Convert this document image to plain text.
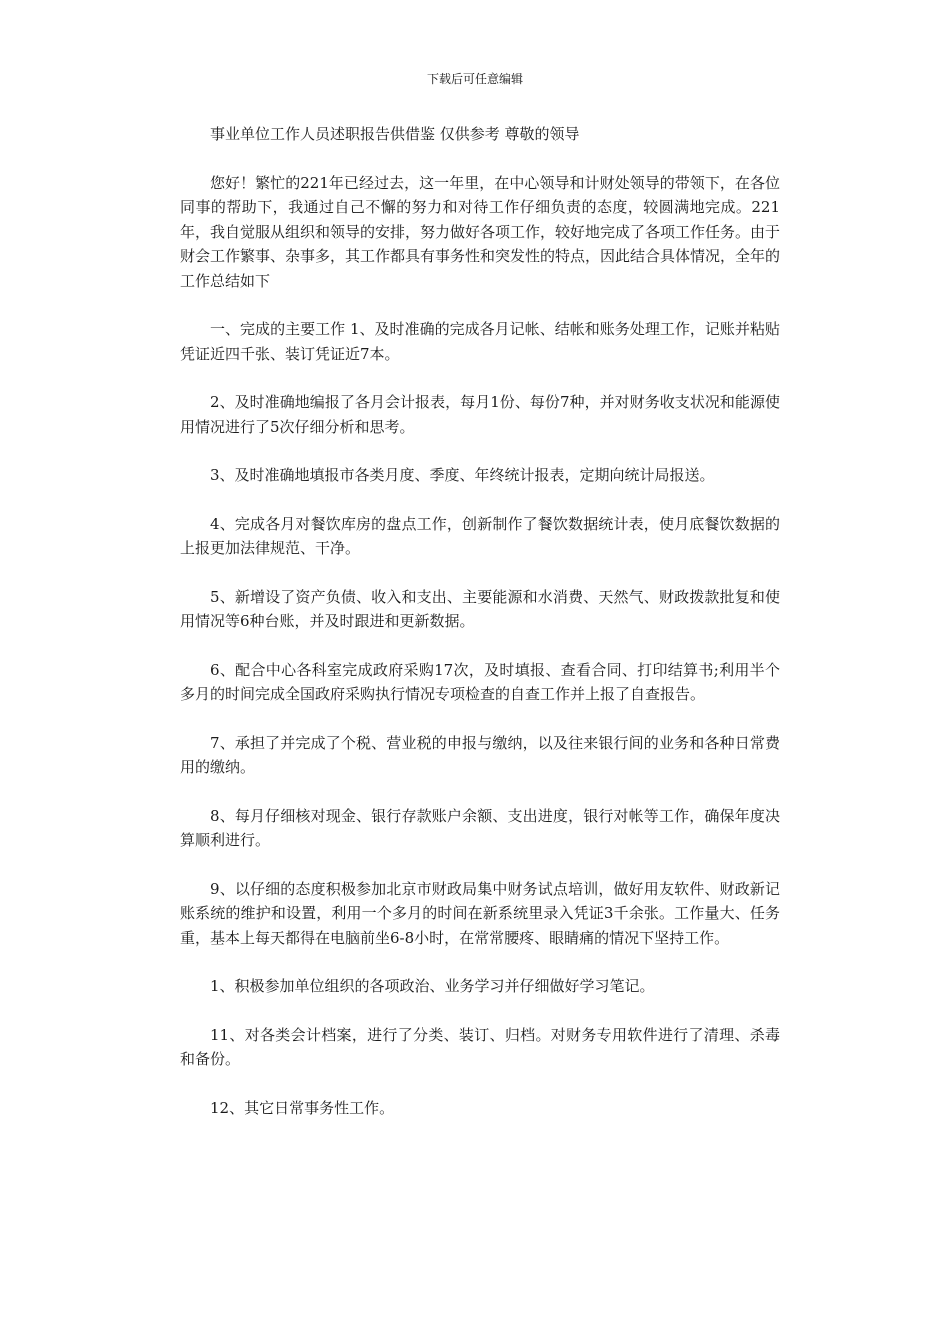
下载后可任意编辑

事业单位工作人员述职报告供借鉴 仅供参考 尊敬的领导

您好！繁忙的221年已经过去，这一年里，在中心领导和计财处领导的带领下，在各位同事的帮助下，我通过自己不懈的努力和对待工作仔细负责的态度，较圆满地完成。221年，我自觉服从组织和领导的安排，努力做好各项工作，较好地完成了各项工作任务。由于财会工作繁事、杂事多，其工作都具有事务性和突发性的特点，因此结合具体情况，全年的工作总结如下

一、完成的主要工作 1、及时准确的完成各月记帐、结帐和账务处理工作，记账并粘贴凭证近四千张、装订凭证近7本。

2、及时准确地编报了各月会计报表，每月1份、每份7种，并对财务收支状况和能源使用情况进行了5次仔细分析和思考。

3、及时准确地填报市各类月度、季度、年终统计报表，定期向统计局报送。

4、完成各月对餐饮库房的盘点工作，创新制作了餐饮数据统计表，使月底餐饮数据的上报更加法律规范、干净。

5、新增设了资产负债、收入和支出、主要能源和水消费、天然气、财政拨款批复和使用情况等6种台账，并及时跟进和更新数据。

6、配合中心各科室完成政府采购17次，及时填报、查看合同、打印结算书;利用半个多月的时间完成全国政府采购执行情况专项检查的自查工作并上报了自查报告。

7、承担了并完成了个税、营业税的申报与缴纳，以及往来银行间的业务和各种日常费用的缴纳。

8、每月仔细核对现金、银行存款账户余额、支出进度，银行对帐等工作，确保年度决算顺利进行。

9、以仔细的态度积极参加北京市财政局集中财务试点培训，做好用友软件、财政新记账系统的维护和设置，利用一个多月的时间在新系统里录入凭证3千余张。工作量大、任务重，基本上每天都得在电脑前坐6-8小时，在常常腰疼、眼睛痛的情况下坚持工作。

1、积极参加单位组织的各项政治、业务学习并仔细做好学习笔记。

11、对各类会计档案，进行了分类、装订、归档。对财务专用软件进行了清理、杀毒和备份。

12、其它日常事务性工作。
